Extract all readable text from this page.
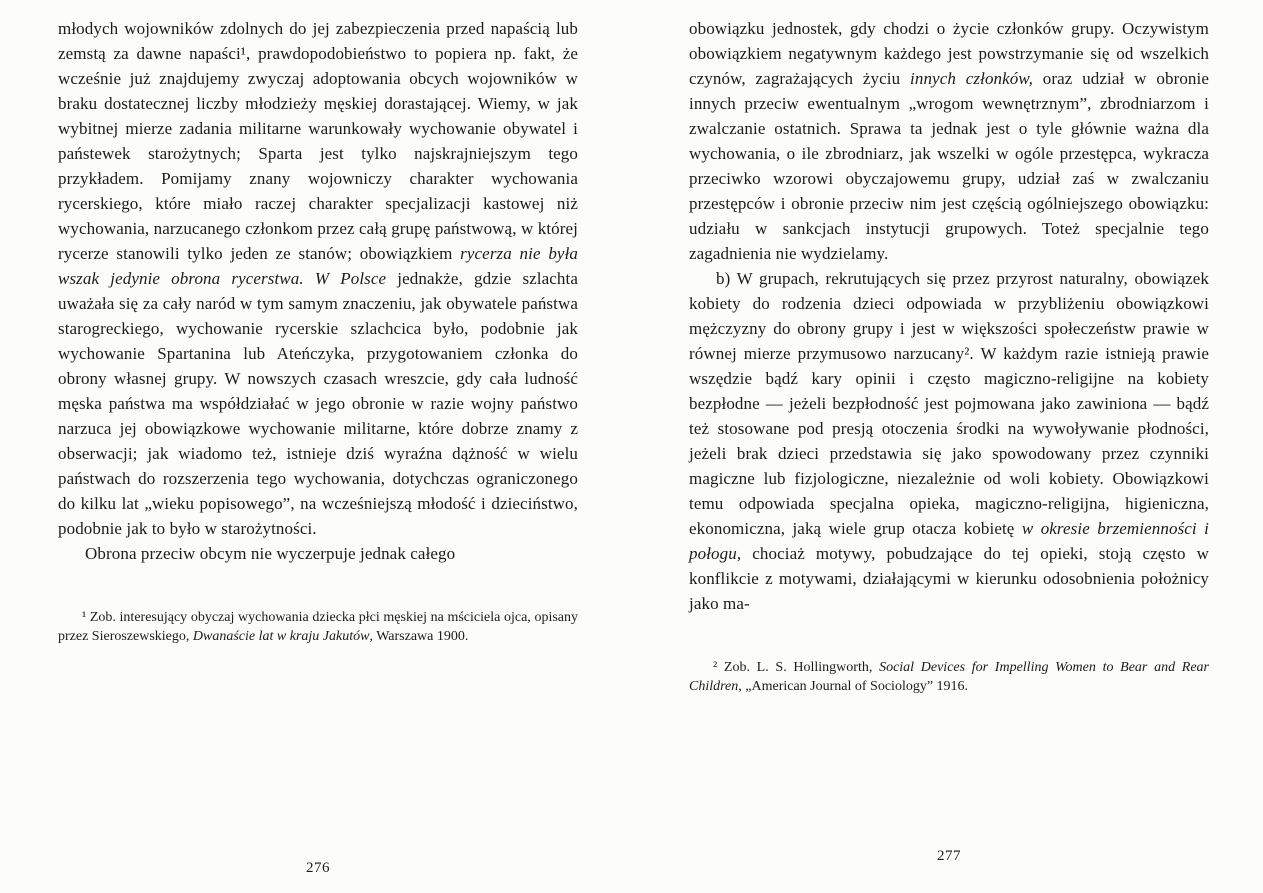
młodych wojowników zdolnych do jej zabezpieczenia przed napaścią lub zemstą za dawne napaści¹, prawdopodobieństwo to popiera np. fakt, że wcześnie już znajdujemy zwyczaj adoptowania obcych wojowników w braku dostatecznej liczby młodzieży męskiej dorastającej. Wiemy, w jak wybitnej mierze zadania militarne warunkowały wychowanie obywatel i państewek starożytnych; Sparta jest tylko najskrajniejszym tego przykładem. Pomijamy znany wojowniczy charakter wychowania rycerskiego, które miało raczej charakter specjalizacji kastowej niż wychowania, narzucanego członkom przez całą grupę państwową, w której rycerze stanowili tylko jeden ze stanów; obowiązkiem rycerza nie była wszak jedynie obrona rycerstwa. W Polsce jednakże, gdzie szlachta uważała się za cały naród w tym samym znaczeniu, jak obywatele państwa starogreckiego, wychowanie rycerskie szlachcica było, podobnie jak wychowanie Spartanina lub Ateńczyka, przygotowaniem członka do obrony własnej grupy. W nowszych czasach wreszcie, gdy cała ludność męska państwa ma współdziałać w jego obronie w razie wojny państwo narzuca jej obowiązkowe wychowanie militarne, które dobrze znamy z obserwacji; jak wiadomo też, istnieje dziś wyraźna dążność w wielu państwach do rozszerzenia tego wychowania, dotychczas ograniczonego do kilku lat „wieku popisowego”, na wcześniejszą młodość i dzieciństwo, podobnie jak to było w starożytności.

Obrona przeciw obcym nie wyczerpuje jednak całego

¹ Zob. interesujący obyczaj wychowania dziecka płci męskiej na mściciela ojca, opisany przez Sieroszewskiego, Dwanaście lat w kraju Jakutów, Warszawa 1900.

276

obowiązku jednostek, gdy chodzi o życie członków grupy. Oczywistym obowiązkiem negatywnym każdego jest powstrzymanie się od wszelkich czynów, zagrażających życiu innych członków, oraz udział w obronie innych przeciw ewentualnym „wrogom wewnętrznym”, zbrodniarzom i zwalczanie ostatnich. Sprawa ta jednak jest o tyle głównie ważna dla wychowania, o ile zbrodniarz, jak wszelki w ogóle przestępca, wykracza przeciwko wzorowi obyczajowemu grupy, udział zaś w zwalczaniu przestępców i obronie przeciw nim jest częścią ogólniejszego obowiązku: udziału w sankcjach instytucji grupowych. Toteż specjalnie tego zagadnienia nie wydzielamy.

b) W grupach, rekrutujących się przez przyrost naturalny, obowiązek kobiety do rodzenia dzieci odpowiada w przybliżeniu obowiązkowi mężczyzny do obrony grupy i jest w większości społeczeństw prawie w równej mierze przymusowo narzucany². W każdym razie istnieją prawie wszędzie bądź kary opinii i często magiczno-religijne na kobiety bezpłodne — jeżeli bezpłodność jest pojmowana jako zawiniona — bądź też stosowane pod presją otoczenia środki na wywoływanie płodności, jeżeli brak dzieci przedstawia się jako spowodowany przez czynniki magiczne lub fizjologiczne, niezależnie od woli kobiety. Obowiązkowi temu odpowiada specjalna opieka, magiczno-religijna, higieniczna, ekonomiczna, jaką wiele grup otacza kobietę w okresie brzemienności i połogu, chociaż motywy, pobudzające do tej opieki, stoją często w konflikcie z motywami, działającymi w kierunku odosobnienia położnicy jako ma-

² Zob. L. S. Hollingworth, Social Devices for Impelling Women to Bear and Rear Children, „American Journal of Sociology” 1916.

277
